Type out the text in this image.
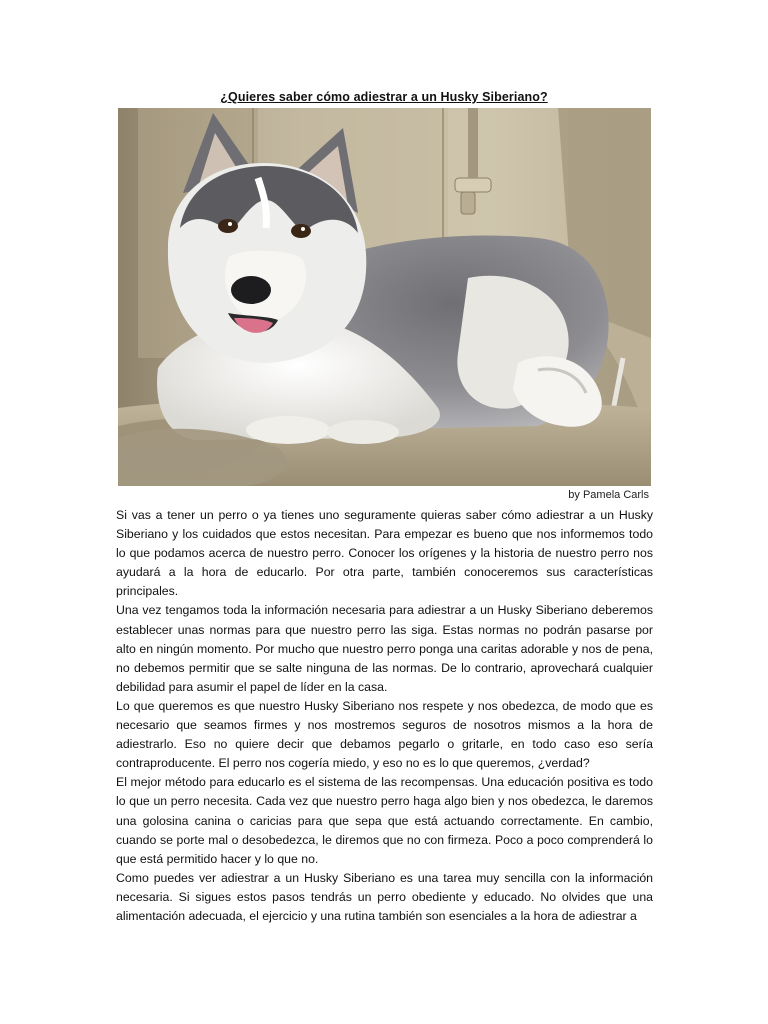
¿Quieres saber cómo adiestrar a un Husky Siberiano?
by Pamela Carls

Si vas a tener un perro o ya tienes uno seguramente quieras saber cómo adiestrar a un Husky Siberiano y los cuidados que estos necesitan. Para empezar es bueno que nos informemos todo lo que podamos acerca de nuestro perro. Conocer los orígenes y la historia de nuestro perro nos ayudará a la hora de educarlo. Por otra parte, también conoceremos sus características principales.

Una vez tengamos toda la información necesaria para adiestrar a un Husky Siberiano deberemos establecer unas normas para que nuestro perro las siga. Estas normas no podrán pasarse por alto en ningún momento. Por mucho que nuestro perro ponga una caritas adorable y nos de pena, no debemos permitir que se salte ninguna de las normas. De lo contrario, aprovechará cualquier debilidad para asumir el papel de líder en la casa.

Lo que queremos es que nuestro Husky Siberiano nos respete y nos obedezca, de modo que es necesario que seamos firmes y nos mostremos seguros de nosotros mismos a la hora de adiestrarlo. Eso no quiere decir que debamos pegarlo o gritarle, en todo caso eso sería contraproducente. El perro nos cogería miedo, y eso no es lo que queremos, ¿verdad?

El mejor método para educarlo es el sistema de las recompensas. Una educación positiva es todo lo que un perro necesita. Cada vez que nuestro perro haga algo bien y nos obedezca, le daremos una golosina canina o caricias para que sepa que está actuando correctamente. En cambio, cuando se porte mal o desobedezca, le diremos que no con firmeza. Poco a poco comprenderá lo que está permitido hacer y lo que no.

Como puedes ver adiestrar a un Husky Siberiano es una tarea muy sencilla con la información necesaria. Si sigues estos pasos tendrás un perro obediente y educado. No olvides que una alimentación adecuada, el ejercicio y una rutina también son esenciales a la hora de adiestrar a
